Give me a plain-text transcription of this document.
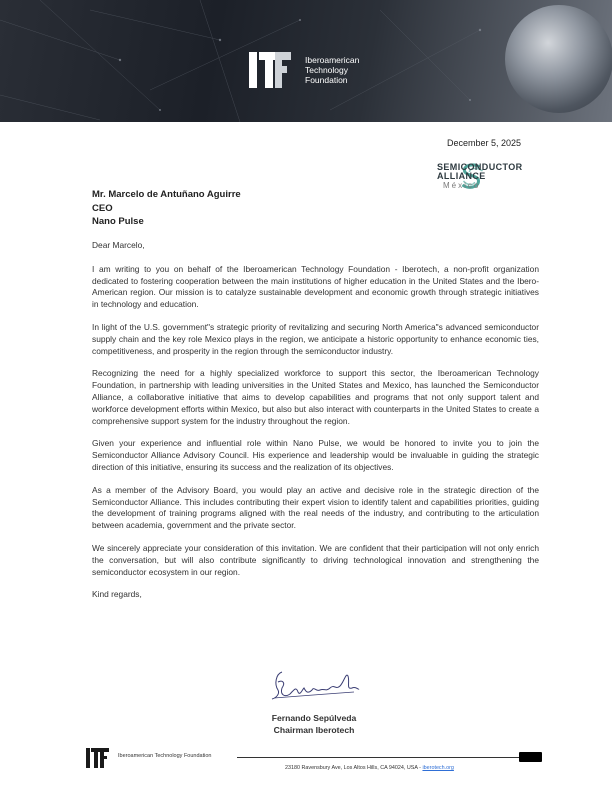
Iberoamerican
Technology
Foundation
December 5, 2025
SEMICONDUCTOR
ALLIANCE
México
Mr. Marcelo de Antuñano Aguirre
CEO
Nano Pulse

Dear Marcelo,

I am writing to you on behalf of the Iberoamerican Technology Foundation - Iberotech, a non-profit organization dedicated to fostering cooperation between the main institutions of higher education in the United States and the Ibero-American region. Our mission is to catalyze sustainable development and economic growth through strategic initiatives in technology and education.

In light of the U.S. government"s strategic priority of revitalizing and securing North America"s advanced semiconductor supply chain and the key role Mexico plays in the region, we anticipate a historic opportunity to enhance economic ties, competitiveness, and prosperity in the region through the semiconductor industry.

Recognizing the need for a highly specialized workforce to support this sector, the Iberoamerican Technology Foundation, in partnership with leading universities in the United States and Mexico, has launched the Semiconductor Alliance, a collaborative initiative that aims to develop capabilities and programs that not only support talent and workforce development efforts within Mexico, but also but also interact with counterparts in the United States to create a comprehensive support system for the industry throughout the region.

Given your experience and influential role within Nano Pulse, we would be honored to invite you to join the Semiconductor Alliance Advisory Council. His experience and leadership would be invaluable in guiding the strategic direction of this initiative, ensuring its success and the realization of its objectives.

As a member of the Advisory Board, you would play an active and decisive role in the strategic direction of the Semiconductor Alliance. This includes contributing their expert vision to identify talent and capabilities priorities, guiding the development of training programs aligned with the real needs of the industry, and contributing to the articulation between academia, government and the private sector.

We sincerely appreciate your consideration of this invitation. We are confident that their participation will not only enrich the conversation, but will also contribute significantly to driving technological innovation and strengthening the semiconductor ecosystem in our region.

Kind regards,

Fernando Sepúlveda
Chairman Iberotech
Iberoamerican Technology Foundation
23180 Ravensbury Ave, Los Altos Hills, CA 94024, USA - iberotech.org
